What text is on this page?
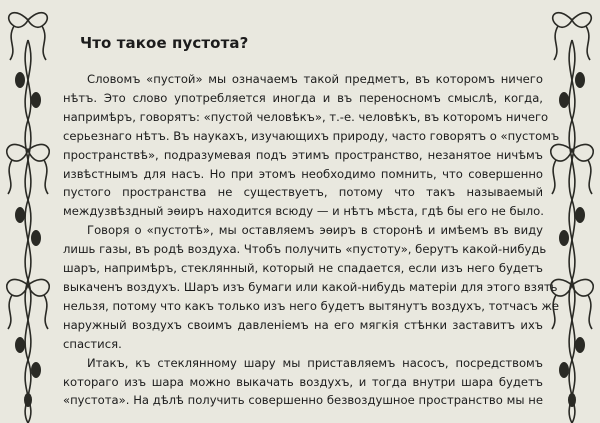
Что такое пустота?
Словомъ «пустой» мы означаемъ такой предметъ, въ которомъ ничего
нѣтъ. Это слово употребляется иногда и въ переносномъ смыслѣ, когда,
напримѣръ, говорятъ: «пустой человѣкъ», т.-е. человѣкъ, въ которомъ ничего
серьезнаго нѣтъ. Въ наукахъ, изучающихъ природу, часто говорятъ о «пустомъ
пространствѣ», подразумевая подъ этимъ пространство, незанятое ничѣмъ
извѣстнымъ для насъ. Но при этомъ необходимо помнить, что совершенно
пустого пространства не существуетъ, потому что такъ называемый
междузвѣздный эѳиръ находится всюду — и нѣтъ мѣста, гдѣ бы его не было.
Говоря о «пустотѣ», мы оставляемъ эѳиръ в сторонѣ и имѣемъ въ виду
лишь газы, въ родѣ воздуха. Чтобъ получить «пустоту», берутъ какой-нибудь
шаръ, напримѣръ, стеклянный, который не спадается, если изъ него будетъ
выкаченъ воздухъ. Шаръ изъ бумаги или какой-нибудь матеріи для этого взять
нельзя, потому что какъ только изъ него будетъ вытянутъ воздухъ, тотчасъ же
наружный воздухъ своимъ давленіемъ на его мягкія стѣнки заставитъ ихъ
спастися.
Итакъ, къ стеклянному шару мы приставляемъ насосъ, посредствомъ
котораго изъ шара можно выкачать воздухъ, и тогда внутри шара будетъ
«пустота». На дѣлѣ получить совершенно безвоздушное пространство мы не
